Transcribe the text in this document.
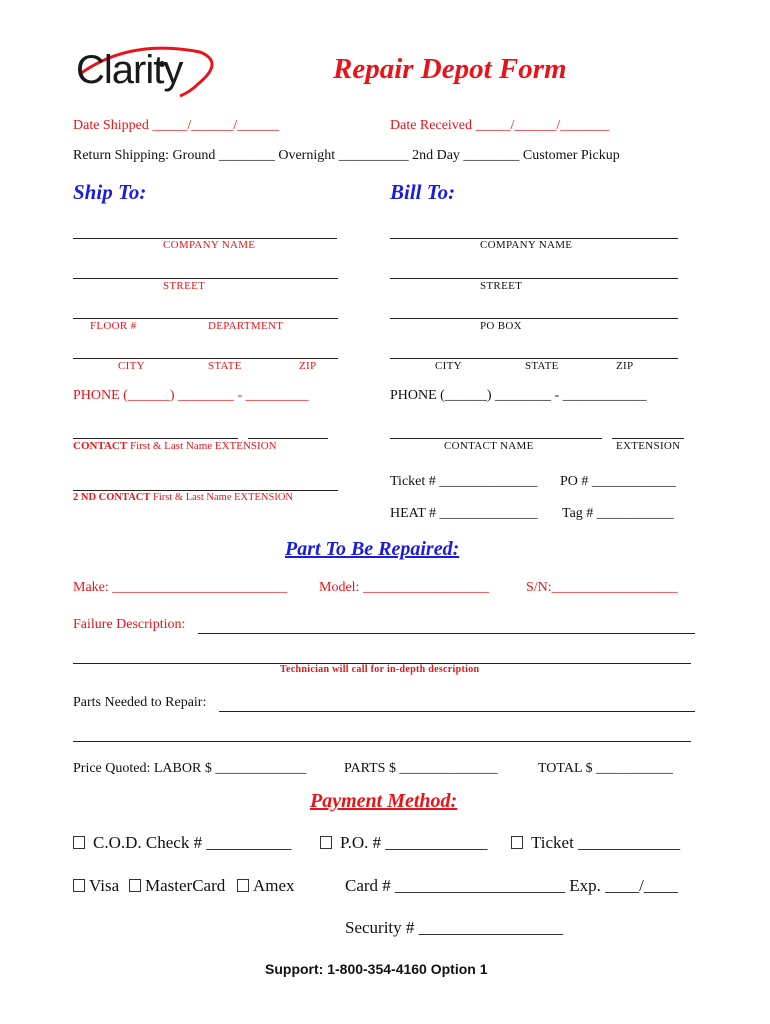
Clarity	Repair Depot Form
Date Shipped _____/______/______	Date Received _____/______/_______
Return Shipping: Ground ________ Overnight __________ 2nd Day ________ Customer Pickup
Ship To:
COMPANY NAME
STREET
FLOOR #	DEPARTMENT
CITY	STATE	ZIP
PHONE (______) ________ - _________
CONTACT First & Last Name EXTENSION
2 ND CONTACT First & Last Name EXTENSION
Bill To:
COMPANY NAME
STREET
PO BOX
CITY	STATE	ZIP
PHONE (______) ________ - ____________
CONTACT NAME	EXTENSION
Ticket # ______________ PO # ____________
HEAT # ______________ Tag # ___________
Part To Be Repaired:
Make: _________________________ Model: __________________	S/N:__________________
Failure Description:
Technician will call for in-depth description
Parts Needed to Repair:
Price Quoted: LABOR $ _____________	PARTS $ ______________	TOTAL $ ___________
Payment Method:
C.O.D. Check # __________	P.O. # ____________	Ticket ____________
Visa	MasterCard	Amex	Card # ____________________ Exp. ____/____
Security # _________________
Support: 1-800-354-4160 Option 1
